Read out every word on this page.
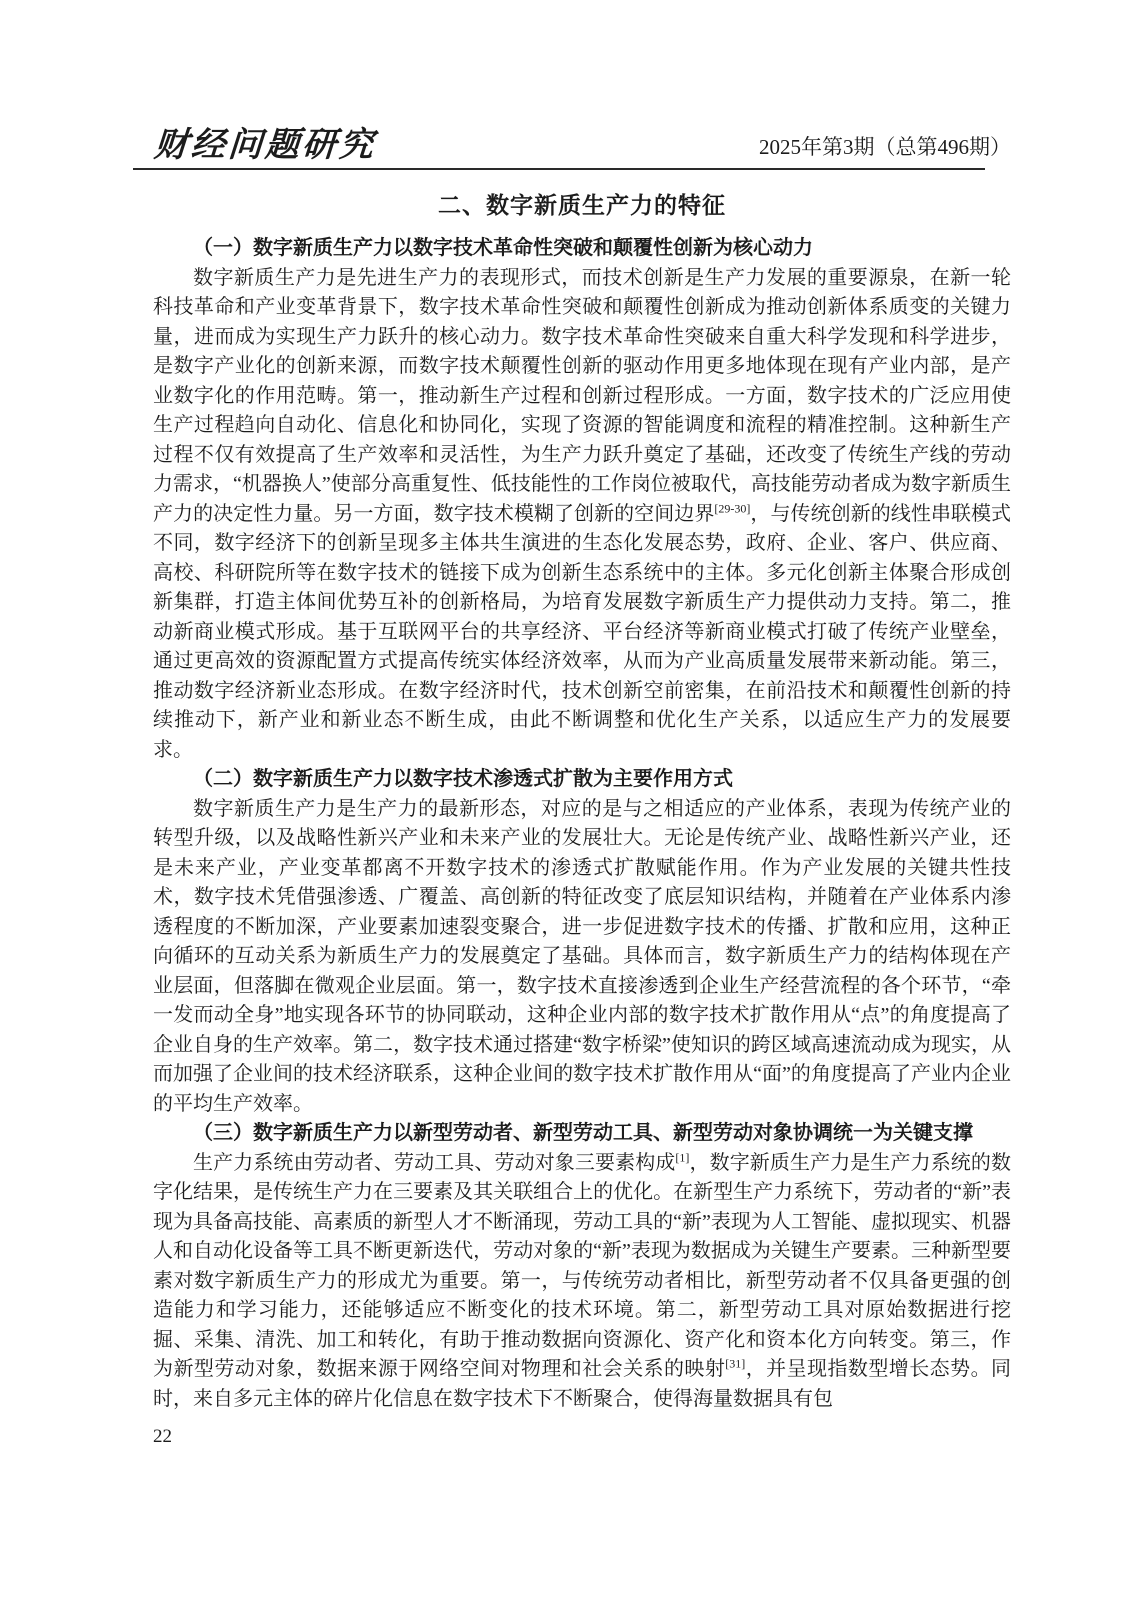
财经问题研究	2025年第3期（总第496期）
二、数字新质生产力的特征
（一）数字新质生产力以数字技术革命性突破和颠覆性创新为核心动力

数字新质生产力是先进生产力的表现形式，而技术创新是生产力发展的重要源泉，在新一轮科技革命和产业变革背景下，数字技术革命性突破和颠覆性创新成为推动创新体系质变的关键力量，进而成为实现生产力跃升的核心动力。数字技术革命性突破来自重大科学发现和科学进步，是数字产业化的创新来源，而数字技术颠覆性创新的驱动作用更多地体现在现有产业内部，是产业数字化的作用范畴。第一，推动新生产过程和创新过程形成。一方面，数字技术的广泛应用使生产过程趋向自动化、信息化和协同化，实现了资源的智能调度和流程的精准控制。这种新生产过程不仅有效提高了生产效率和灵活性，为生产力跃升奠定了基础，还改变了传统生产线的劳动力需求，“机器换人”使部分高重复性、低技能性的工作岗位被取代，高技能劳动者成为数字新质生产力的决定性力量。另一方面，数字技术模糊了创新的空间边界[29-30]，与传统创新的线性串联模式不同，数字经济下的创新呈现多主体共生演进的生态化发展态势，政府、企业、客户、供应商、高校、科研院所等在数字技术的链接下成为创新生态系统中的主体。多元化创新主体聚合形成创新集群，打造主体间优势互补的创新格局，为培育发展数字新质生产力提供动力支持。第二，推动新商业模式形成。基于互联网平台的共享经济、平台经济等新商业模式打破了传统产业壁垒，通过更高效的资源配置方式提高传统实体经济效率，从而为产业高质量发展带来新动能。第三，推动数字经济新业态形成。在数字经济时代，技术创新空前密集，在前沿技术和颠覆性创新的持续推动下，新产业和新业态不断生成，由此不断调整和优化生产关系，以适应生产力的发展要求。

（二）数字新质生产力以数字技术渗透式扩散为主要作用方式

数字新质生产力是生产力的最新形态，对应的是与之相适应的产业体系，表现为传统产业的转型升级，以及战略性新兴产业和未来产业的发展壮大。无论是传统产业、战略性新兴产业，还是未来产业，产业变革都离不开数字技术的渗透式扩散赋能作用。作为产业发展的关键共性技术，数字技术凭借强渗透、广覆盖、高创新的特征改变了底层知识结构，并随着在产业体系内渗透程度的不断加深，产业要素加速裂变聚合，进一步促进数字技术的传播、扩散和应用，这种正向循环的互动关系为新质生产力的发展奠定了基础。具体而言，数字新质生产力的结构体现在产业层面，但落脚在微观企业层面。第一，数字技术直接渗透到企业生产经营流程的各个环节，“牵一发而动全身”地实现各环节的协同联动，这种企业内部的数字技术扩散作用从“点”的角度提高了企业自身的生产效率。第二，数字技术通过搭建“数字桥梁”使知识的跨区域高速流动成为现实，从而加强了企业间的技术经济联系，这种企业间的数字技术扩散作用从“面”的角度提高了产业内企业的平均生产效率。

（三）数字新质生产力以新型劳动者、新型劳动工具、新型劳动对象协调统一为关键支撑

生产力系统由劳动者、劳动工具、劳动对象三要素构成[1]，数字新质生产力是生产力系统的数字化结果，是传统生产力在三要素及其关联组合上的优化。在新型生产力系统下，劳动者的“新”表现为具备高技能、高素质的新型人才不断涌现，劳动工具的“新”表现为人工智能、虚拟现实、机器人和自动化设备等工具不断更新迭代，劳动对象的“新”表现为数据成为关键生产要素。三种新型要素对数字新质生产力的形成尤为重要。第一，与传统劳动者相比，新型劳动者不仅具备更强的创造能力和学习能力，还能够适应不断变化的技术环境。第二，新型劳动工具对原始数据进行挖掘、采集、清洗、加工和转化，有助于推动数据向资源化、资产化和资本化方向转变。第三，作为新型劳动对象，数据来源于网络空间对物理和社会关系的映射[31]，并呈现指数型增长态势。同时，来自多元主体的碎片化信息在数字技术下不断聚合，使得海量数据具有包

22
